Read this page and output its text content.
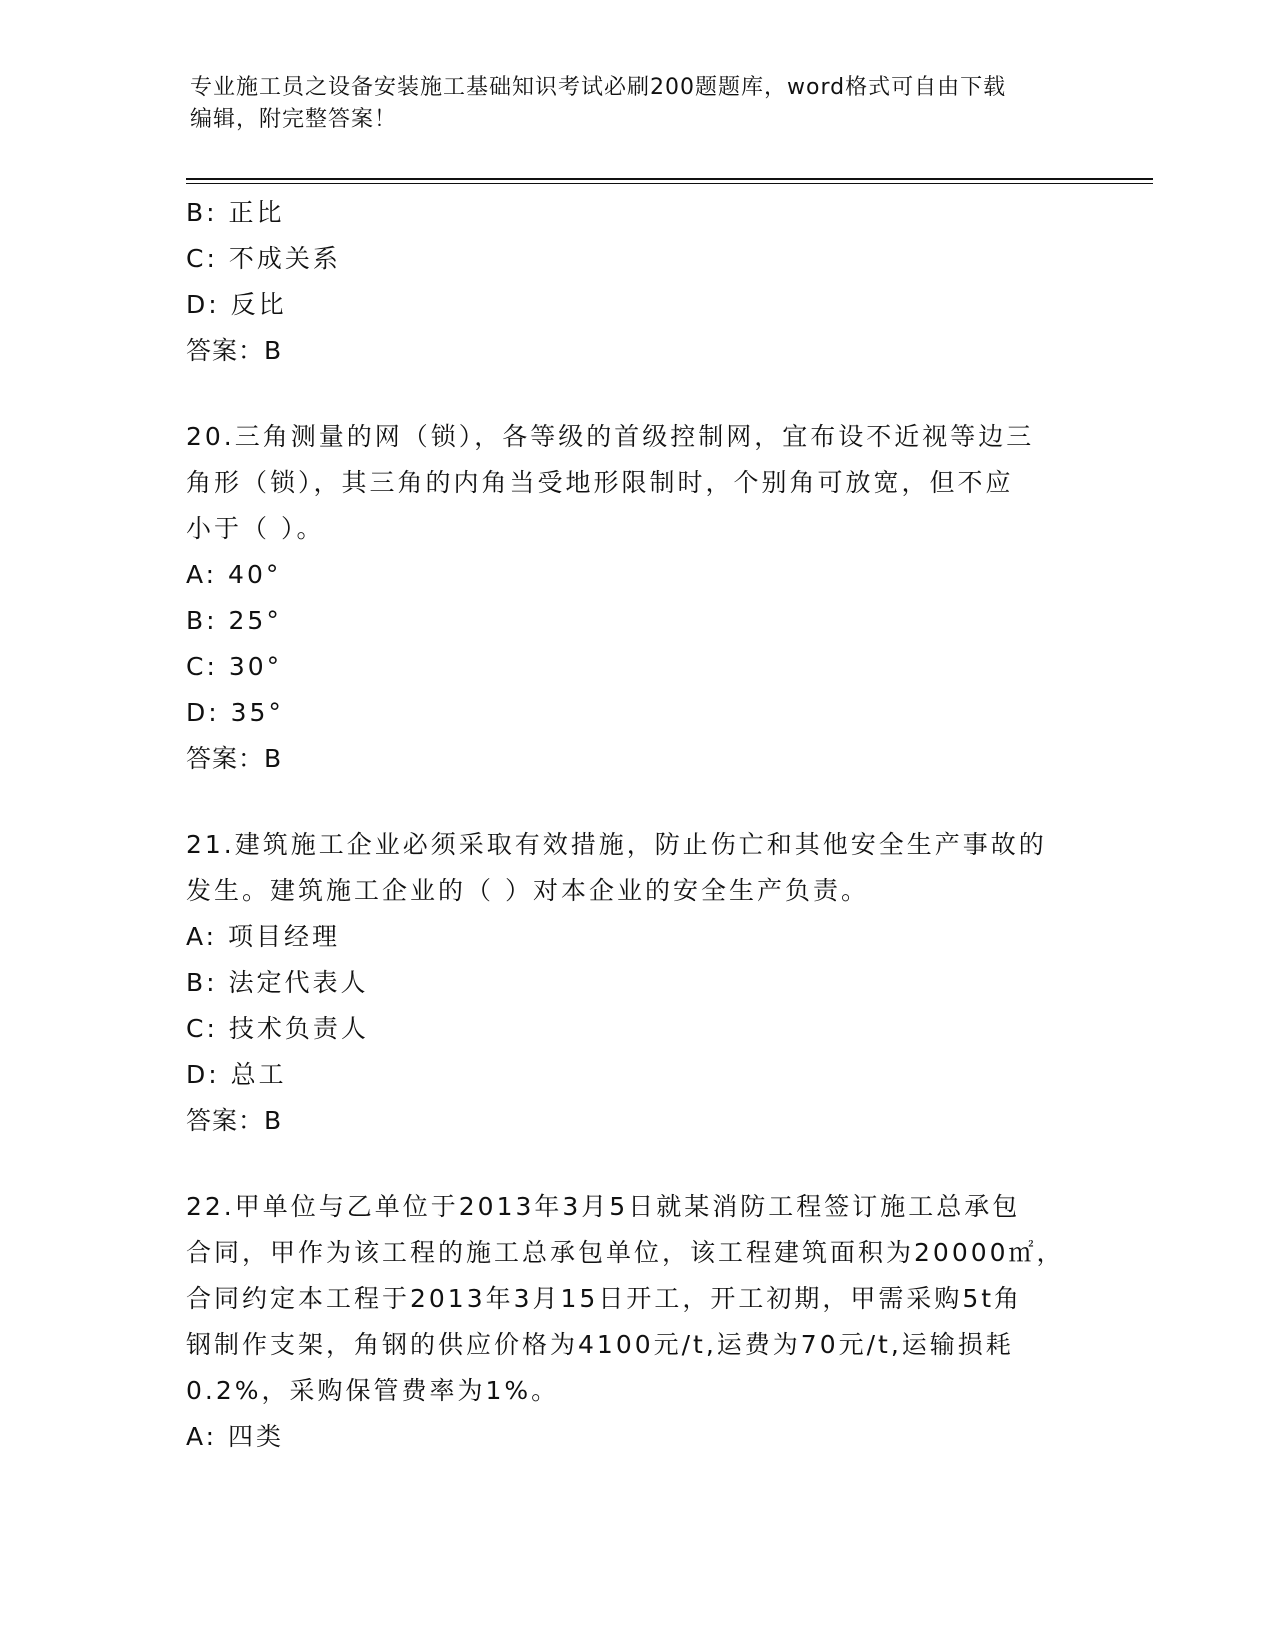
专业施工员之设备安装施工基础知识考试必刷200题题库，word格式可自由下载
编辑，附完整答案！
B: 正比
C: 不成关系
D: 反比
答案：B
20.三角测量的网（锁），各等级的首级控制网，宜布设不近视等边三
角形（锁），其三角的内角当受地形限制时，个别角可放宽，但不应
小于（ ）。
A: 40°
B: 25°
C: 30°
D: 35°
答案：B
21.建筑施工企业必须采取有效措施，防止伤亡和其他安全生产事故的
发生。建筑施工企业的（ ）对本企业的安全生产负责。
A: 项目经理
B: 法定代表人
C: 技术负责人
D: 总工
答案：B
22.甲单位与乙单位于2013年3月5日就某消防工程签订施工总承包
合同，甲作为该工程的施工总承包单位，该工程建筑面积为20000㎡，
合同约定本工程于2013年3月15日开工，开工初期，甲需采购5t角
钢制作支架，角钢的供应价格为4100元/t,运费为70元/t,运输损耗
0.2%，采购保管费率为1%。
A: 四类
